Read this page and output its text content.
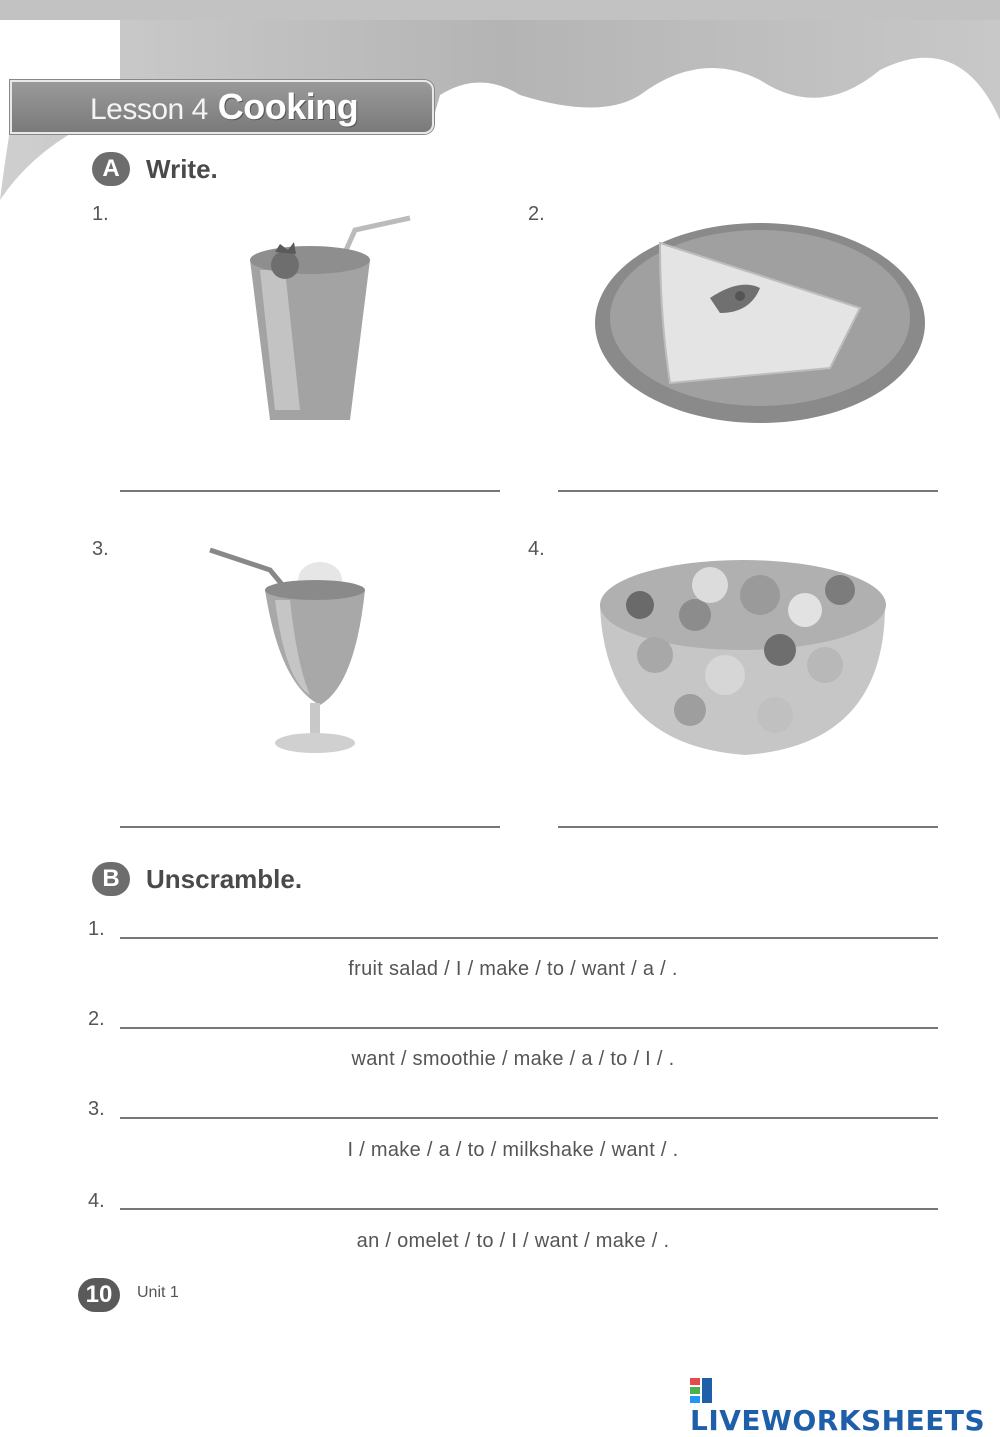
Lesson 4 Cooking
A	Write.
1.	2.
3.	4.
B	Unscramble.
1.
fruit salad / I / make / to / want / a / .
2.
want / smoothie / make / a / to / I / .
3.
I / make / a / to / milkshake / want / .
4.
an / omelet / to / I / want / make / .
10	Unit 1
LIVEWORKSHEETS
